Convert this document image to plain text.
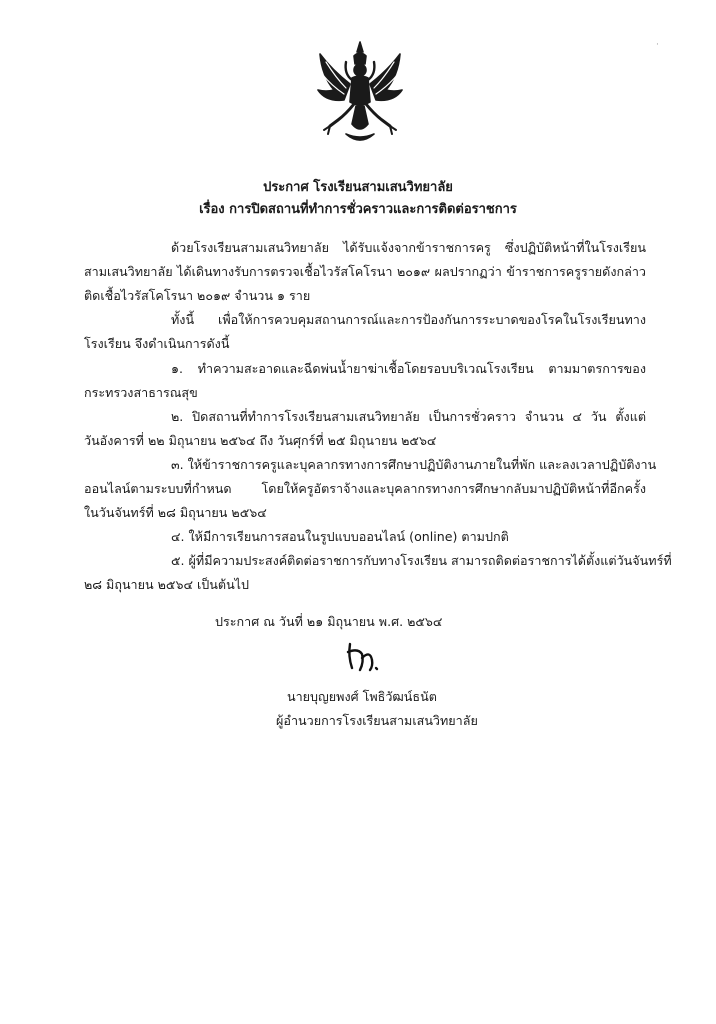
·
ประกาศ โรงเรียนสามเสนวิทยาลัย
เรื่อง การปิดสถานที่ทำการชั่วคราวและการติดต่อราชการ
ด้วยโรงเรียนสามเสนวิทยาลัย ได้รับแจ้งจากข้าราชการครู ซึ่งปฏิบัติหน้าที่ในโรงเรียน
สามเสนวิทยาลัย ได้เดินทางรับการตรวจเชื้อไวรัสโคโรนา ๒๐๑๙ ผลปรากฏว่า ข้าราชการครูรายดังกล่าว
ติดเชื้อไวรัสโคโรนา ๒๐๑๙ จำนวน ๑ ราย
ทั้งนี้ เพื่อให้การควบคุมสถานการณ์และการป้องกันการระบาดของโรคในโรงเรียนทาง
โรงเรียน จึงดำเนินการดังนี้
๑. ทำความสะอาดและฉีดพ่นน้ำยาฆ่าเชื้อโดยรอบบริเวณโรงเรียน ตามมาตรการของ
กระทรวงสาธารณสุข
๒. ปิดสถานที่ทำการโรงเรียนสามเสนวิทยาลัย เป็นการชั่วคราว จำนวน ๔ วัน ตั้งแต่
วันอังคารที่ ๒๒ มิถุนายน ๒๕๖๔ ถึง วันศุกร์ที่ ๒๕ มิถุนายน ๒๕๖๔
๓. ให้ข้าราชการครูและบุคลากรทางการศึกษาปฏิบัติงานภายในที่พัก และลงเวลาปฏิบัติงาน
ออนไลน์ตามระบบที่กำหนด โดยให้ครูอัตราจ้างและบุคลากรทางการศึกษากลับมาปฏิบัติหน้าที่อีกครั้ง
ในวันจันทร์ที่ ๒๘ มิถุนายน ๒๕๖๔
๔. ให้มีการเรียนการสอนในรูปแบบออนไลน์ (online) ตามปกติ
๕. ผู้ที่มีความประสงค์ติดต่อราชการกับทางโรงเรียน สามารถติดต่อราชการได้ตั้งแต่วันจันทร์ที่
๒๘ มิถุนายน ๒๕๖๔ เป็นต้นไป
ประกาศ ณ วันที่ ๒๑ มิถุนายน พ.ศ. ๒๕๖๔
นายบุญยพงศ์ โพธิวัฒน์ธนัต
ผู้อำนวยการโรงเรียนสามเสนวิทยาลัย
